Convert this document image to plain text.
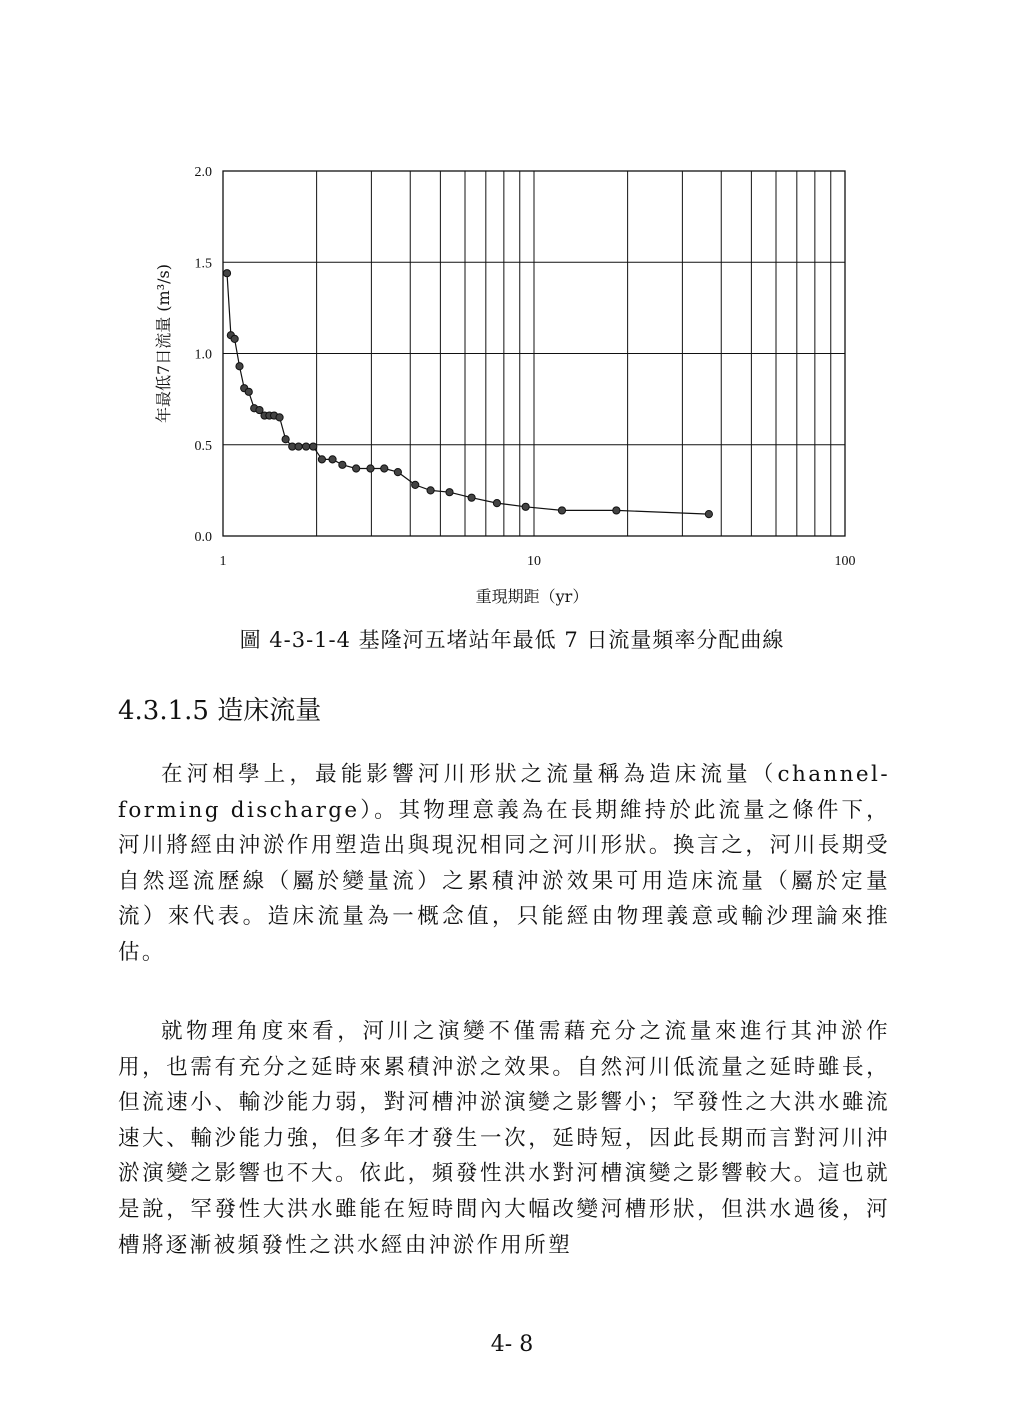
1	10	100
0.0
0.5
1.0
1.5
2.0
重現期距（yr）
年最低7日流量 (m³/s)
圖 4-3-1-4 基隆河五堵站年最低 7 日流量頻率分配曲線
4.3.1.5 造床流量

在河相學上，最能影響河川形狀之流量稱為造床流量（channel-forming discharge）。其物理意義為在長期維持於此流量之條件下，河川將經由沖淤作用塑造出與現況相同之河川形狀。換言之，河川長期受自然逕流歷線（屬於變量流）之累積沖淤效果可用造床流量（屬於定量流）來代表。造床流量為一概念值，只能經由物理義意或輸沙理論來推估。

就物理角度來看，河川之演變不僅需藉充分之流量來進行其沖淤作用，也需有充分之延時來累積沖淤之效果。自然河川低流量之延時雖長，但流速小、輸沙能力弱，對河槽沖淤演變之影響小；罕發性之大洪水雖流速大、輸沙能力強，但多年才發生一次，延時短，因此長期而言對河川沖淤演變之影響也不大。依此，頻發性洪水對河槽演變之影響較大。這也就是說，罕發性大洪水雖能在短時間內大幅改變河槽形狀，但洪水過後，河槽將逐漸被頻發性之洪水經由沖淤作用所塑

4- 8
